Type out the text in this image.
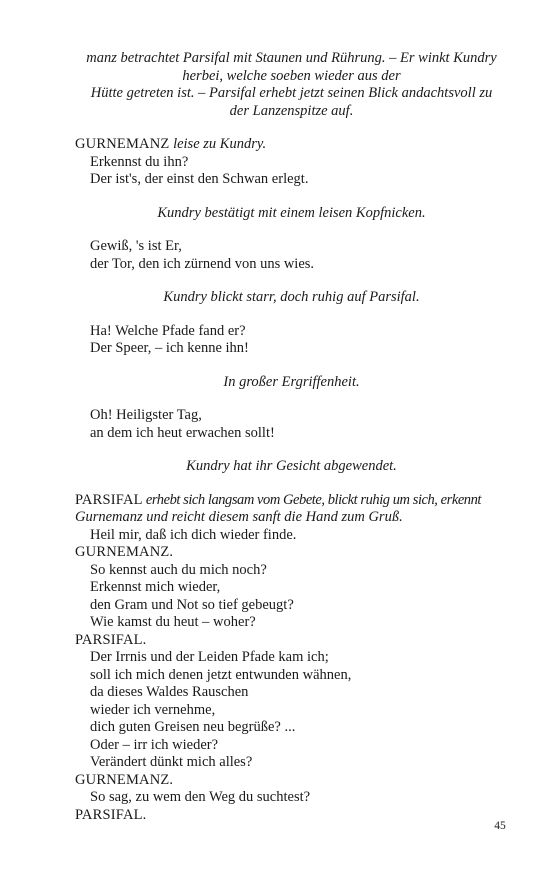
manz betrachtet Parsifal mit Staunen und Rührung. – Er winkt Kundry
herbei, welche soeben wieder aus der
Hütte getreten ist. – Parsifal erhebt jetzt seinen Blick andachtsvoll zu
der Lanzenspitze auf.
GURNEMANZ leise zu Kundry.
Erkennst du ihn?
Der ist's, der einst den Schwan erlegt.
Kundry bestätigt mit einem leisen Kopfnicken.
Gewiß, 's ist Er,
der Tor, den ich zürnend von uns wies.
Kundry blickt starr, doch ruhig auf Parsifal.
Ha! Welche Pfade fand er?
Der Speer, – ich kenne ihn!
In großer Ergriffenheit.
Oh! Heiligster Tag,
an dem ich heut erwachen sollt!
Kundry hat ihr Gesicht abgewendet.
PARSIFAL erhebt sich langsam vom Gebete, blickt ruhig um sich, erkennt
Gurnemanz und reicht diesem sanft die Hand zum Gruß.
Heil mir, daß ich dich wieder finde.
GURNEMANZ.
So kennst auch du mich noch?
Erkennst mich wieder,
den Gram und Not so tief gebeugt?
Wie kamst du heut – woher?
PARSIFAL.
Der Irrnis und der Leiden Pfade kam ich;
soll ich mich denen jetzt entwunden wähnen,
da dieses Waldes Rauschen
wieder ich vernehme,
dich guten Greisen neu begrüße? ...
Oder – irr ich wieder?
Verändert dünkt mich alles?
GURNEMANZ.
So sag, zu wem den Weg du suchtest?
PARSIFAL.
45
